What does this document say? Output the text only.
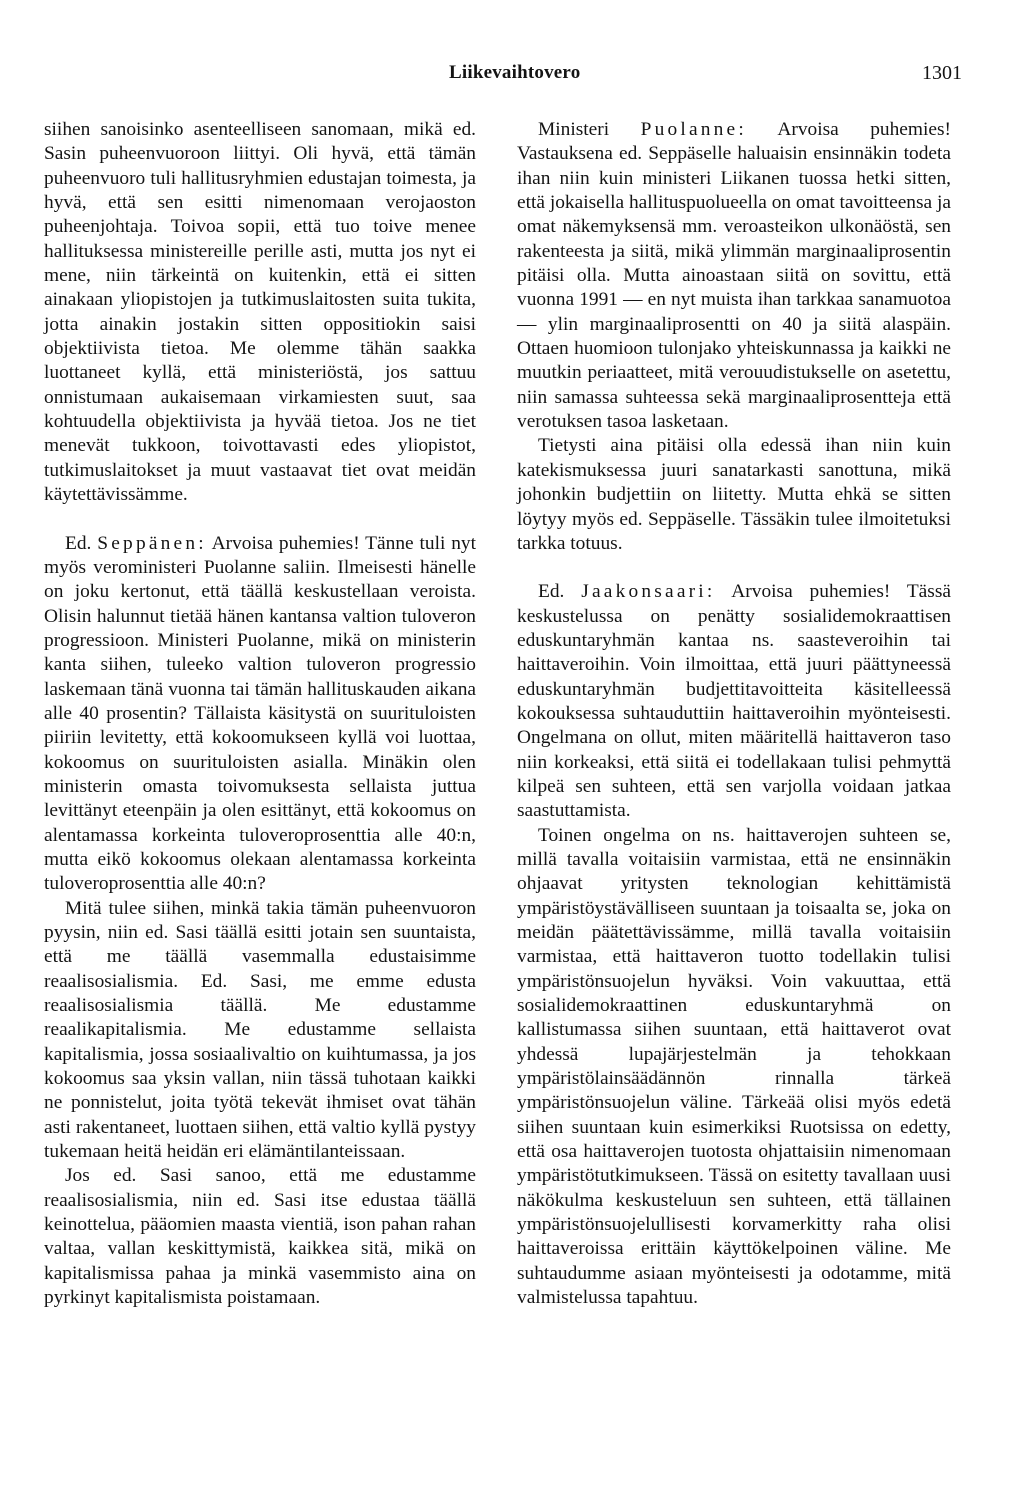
Liikevaihtovero	1301

siihen sanoisinko asenteelliseen sanomaan, mikä ed. Sasin puheenvuoroon liittyi. Oli hyvä, että tämän puheenvuoro tuli hallitusryhmien edustajan toimesta, ja hyvä, että sen esitti nimenomaan verojaoston puheenjohtaja. Toivoa sopii, että tuo toive menee hallituksessa ministereille perille asti, mutta jos nyt ei mene, niin tärkeintä on kuitenkin, että ei sitten ainakaan yliopistojen ja tutkimuslaitosten suita tukita, jotta ainakin jostakin sitten oppositiokin saisi objektiivista tietoa. Me olemme tähän saakka luottaneet kyllä, että ministeriöstä, jos sattuu onnistumaan aukaisemaan virkamiesten suut, saa kohtuudella objektiivista ja hyvää tietoa. Jos ne tiet menevät tukkoon, toivottavasti edes yliopistot, tutkimuslaitokset ja muut vastaavat tiet ovat meidän käytettävissämme.

Ed. Seppänen: Arvoisa puhemies! Tänne tuli nyt myös veroministeri Puolanne saliin. Ilmeisesti hänelle on joku kertonut, että täällä keskustellaan veroista. Olisin halunnut tietää hänen kantansa valtion tuloveron progressioon. Ministeri Puolanne, mikä on ministerin kanta siihen, tuleeko valtion tuloveron progressio laskemaan tänä vuonna tai tämän hallituskauden aikana alle 40 prosentin? Tällaista käsitystä on suurituloisten piiriin levitetty, että kokoomukseen kyllä voi luottaa, kokoomus on suurituloisten asialla. Minäkin olen ministerin omasta toivomuksesta sellaista juttua levittänyt eteenpäin ja olen esittänyt, että kokoomus on alentamassa korkeinta tuloveroprosenttia alle 40:n, mutta eikö kokoomus olekaan alentamassa korkeinta tuloveroprosenttia alle 40:n?

Mitä tulee siihen, minkä takia tämän puheenvuoron pyysin, niin ed. Sasi täällä esitti jotain sen suuntaista, että me täällä vasemmalla edustaisimme reaalisosialismia. Ed. Sasi, me emme edusta reaalisosialismia täällä. Me edustamme reaalikapitalismia. Me edustamme sellaista kapitalismia, jossa sosiaalivaltio on kuihtumassa, ja jos kokoomus saa yksin vallan, niin tässä tuhotaan kaikki ne ponnistelut, joita työtä tekevät ihmiset ovat tähän asti rakentaneet, luottaen siihen, että valtio kyllä pystyy tukemaan heitä heidän eri elämäntilanteissaan.

Jos ed. Sasi sanoo, että me edustamme reaalisosialismia, niin ed. Sasi itse edustaa täällä keinottelua, pääomien maasta vientiä, ison pahan rahan valtaa, vallan keskittymistä, kaikkea sitä, mikä on kapitalismissa pahaa ja minkä vasemmisto aina on pyrkinyt kapitalismista poistamaan.

Ministeri Puolanne: Arvoisa puhemies! Vastauksena ed. Seppäselle haluaisin ensinnäkin todeta ihan niin kuin ministeri Liikanen tuossa hetki sitten, että jokaisella hallituspuolueella on omat tavoitteensa ja omat näkemyksensä mm. veroasteikon ulkonäöstä, sen rakenteesta ja siitä, mikä ylimmän marginaaliprosentin pitäisi olla. Mutta ainoastaan siitä on sovittu, että vuonna 1991 — en nyt muista ihan tarkkaa sanamuotoa — ylin marginaaliprosentti on 40 ja siitä alaspäin. Ottaen huomioon tulonjako yhteiskunnassa ja kaikki ne muutkin periaatteet, mitä verouudistukselle on asetettu, niin samassa suhteessa sekä marginaaliprosentteja että verotuksen tasoa lasketaan.

Tietysti aina pitäisi olla edessä ihan niin kuin katekismuksessa juuri sanatarkasti sanottuna, mikä johonkin budjettiin on liitetty. Mutta ehkä se sitten löytyy myös ed. Seppäselle. Tässäkin tulee ilmoitetuksi tarkka totuus.

Ed. Jaakonsaari: Arvoisa puhemies! Tässä keskustelussa on penätty sosialidemokraattisen eduskuntaryhmän kantaa ns. saasteveroihin tai haittaveroihin. Voin ilmoittaa, että juuri päättyneessä eduskuntaryhmän budjettitavoitteita käsitelleessä kokouksessa suhtauduttiin haittaveroihin myönteisesti. Ongelmana on ollut, miten määritellä haittaveron taso niin korkeaksi, että siitä ei todellakaan tulisi pehmyttä kilpeä sen suhteen, että sen varjolla voidaan jatkaa saastuttamista.

Toinen ongelma on ns. haittaverojen suhteen se, millä tavalla voitaisiin varmistaa, että ne ensinnäkin ohjaavat yritysten teknologian kehittämistä ympäristöystävälliseen suuntaan ja toisaalta se, joka on meidän päätettävissämme, millä tavalla voitaisiin varmistaa, että haittaveron tuotto todellakin tulisi ympäristönsuojelun hyväksi. Voin vakuuttaa, että sosialidemokraattinen eduskuntaryhmä on kallistumassa siihen suuntaan, että haittaverot ovat yhdessä lupajärjestelmän ja tehokkaan ympäristölainsäädännön rinnalla tärkeä ympäristönsuojelun väline. Tärkeää olisi myös edetä siihen suuntaan kuin esimerkiksi Ruotsissa on edetty, että osa haittaverojen tuotosta ohjattaisiin nimenomaan ympäristötutkimukseen. Tässä on esitetty tavallaan uusi näkökulma keskusteluun sen suhteen, että tällainen ympäristönsuojelullisesti korvamerkitty raha olisi haittaveroissa erittäin käyttökelpoinen väline. Me suhtaudumme asiaan myönteisesti ja odotamme, mitä valmistelussa tapahtuu.
